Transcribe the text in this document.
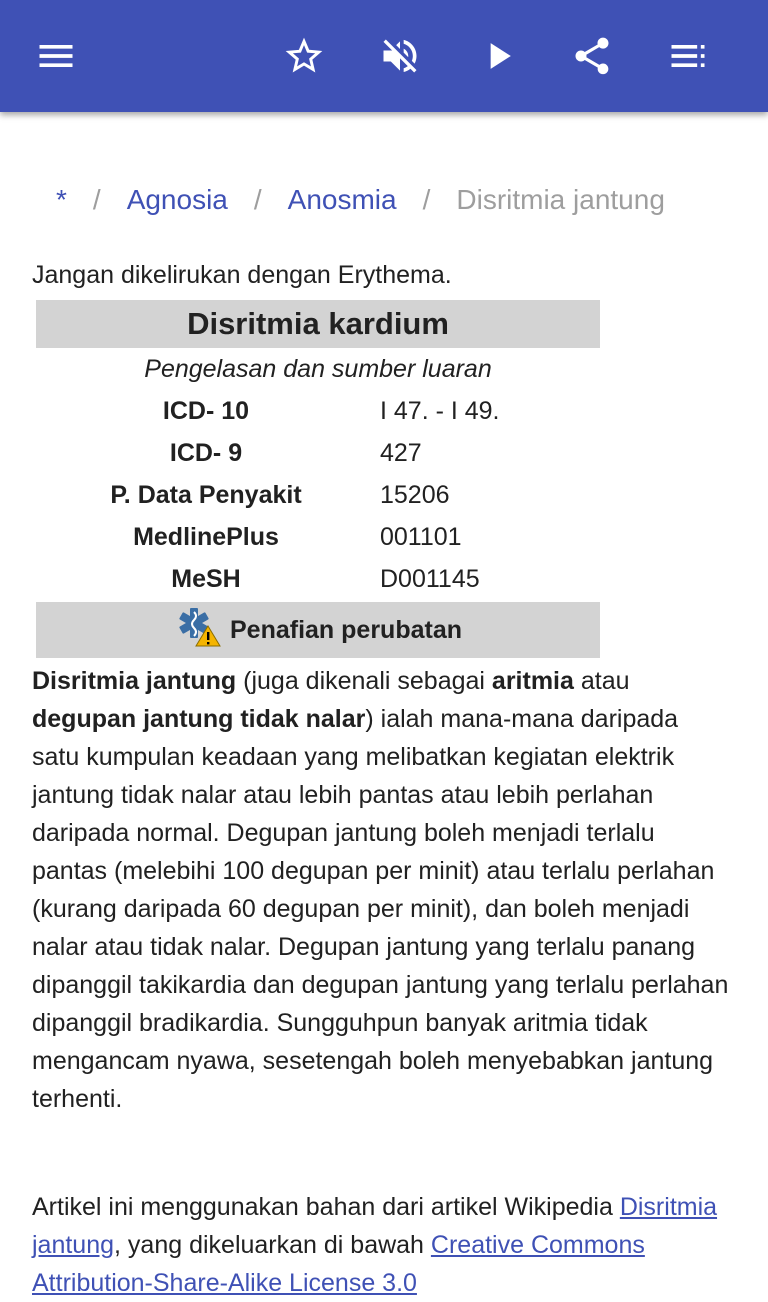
* / Agnosia / Anosmia / Disritmia jantung
Jangan dikelirukan dengan Erythema.
Disritmia kardium
Pengelasan dan sumber luaran
ICD- 10	I 47. - I 49.
ICD- 9	427
P. Data Penyakit	15206
MedlinePlus	001101
MeSH	D001145
Penafian perubatan
Disritmia jantung (juga dikenali sebagai aritmia atau degupan jantung tidak nalar) ialah mana-mana daripada satu kumpulan keadaan yang melibatkan kegiatan elektrik jantung tidak nalar atau lebih pantas atau lebih perlahan daripada normal. Degupan jantung boleh menjadi terlalu pantas (melebihi 100 degupan per minit) atau terlalu perlahan (kurang daripada 60 degupan per minit), dan boleh menjadi nalar atau tidak nalar. Degupan jantung yang terlalu panang dipanggil takikardia dan degupan jantung yang terlalu perlahan dipanggil bradikardia. Sungguhpun banyak aritmia tidak mengancam nyawa, sesetengah boleh menyebabkan jantung terhenti.
Artikel ini menggunakan bahan dari artikel Wikipedia Disritmia jantung, yang dikeluarkan di bawah Creative Commons Attribution-Share-Alike License 3.0
